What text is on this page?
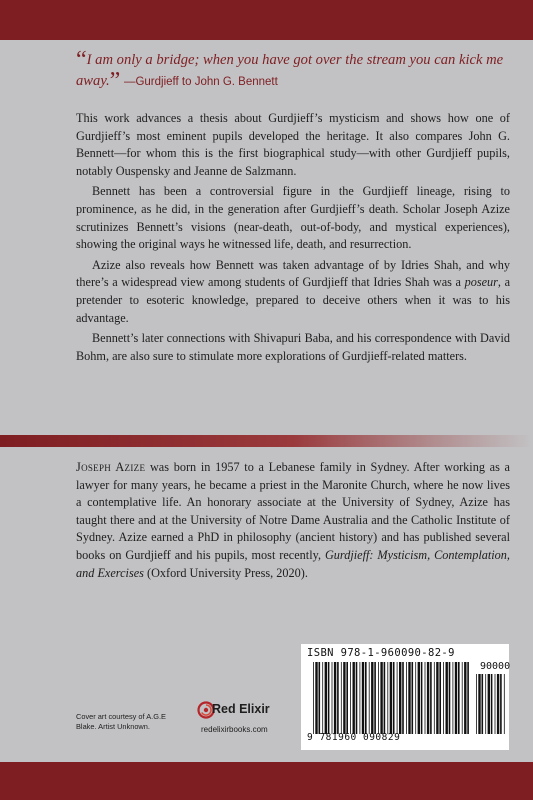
“I am only a bridge; when you have got over the stream you can kick me away.” —Gurdjieff to John G. Bennett

This work advances a thesis about Gurdjieff’s mysticism and shows how one of Gurdjieff’s most eminent pupils developed the heritage. It also compares John G. Bennett—for whom this is the first biographical study—with other Gurdjieff pupils, notably Ouspensky and Jeanne de Salzmann.

Bennett has been a controversial figure in the Gurdjieff lineage, rising to prominence, as he did, in the generation after Gurdjieff’s death. Scholar Joseph Azize scrutinizes Bennett’s visions (near-death, out-of-body, and mystical experiences), showing the original ways he witnessed life, death, and resurrection.

Azize also reveals how Bennett was taken advantage of by Idries Shah, and why there’s a widespread view among students of Gurdjieff that Idries Shah was a poseur, a pretender to esoteric knowledge, prepared to deceive others when it was to his advantage.

Bennett’s later connections with Shivapuri Baba, and his correspondence with David Bohm, are also sure to stimulate more explorations of Gurdjieff-related matters.

Joseph Azize was born in 1957 to a Lebanese family in Sydney. After working as a lawyer for many years, he became a priest in the Maronite Church, where he now lives a contemplative life. An honorary associate at the University of Sydney, Azize has taught there and at the University of Notre Dame Australia and the Catholic Institute of Sydney. Azize earned a PhD in philosophy (ancient history) and has published several books on Gurdjieff and his pupils, most recently, Gurdjieff: Mysticism, Contemplation, and Exercises (Oxford University Press, 2020).
Cover art courtesy of A.G.E
Blake. Artist Unknown.
Red Elixir
redelixirbooks.com
ISBN 978-1-960090-82-9
90000
9 781960 090829
